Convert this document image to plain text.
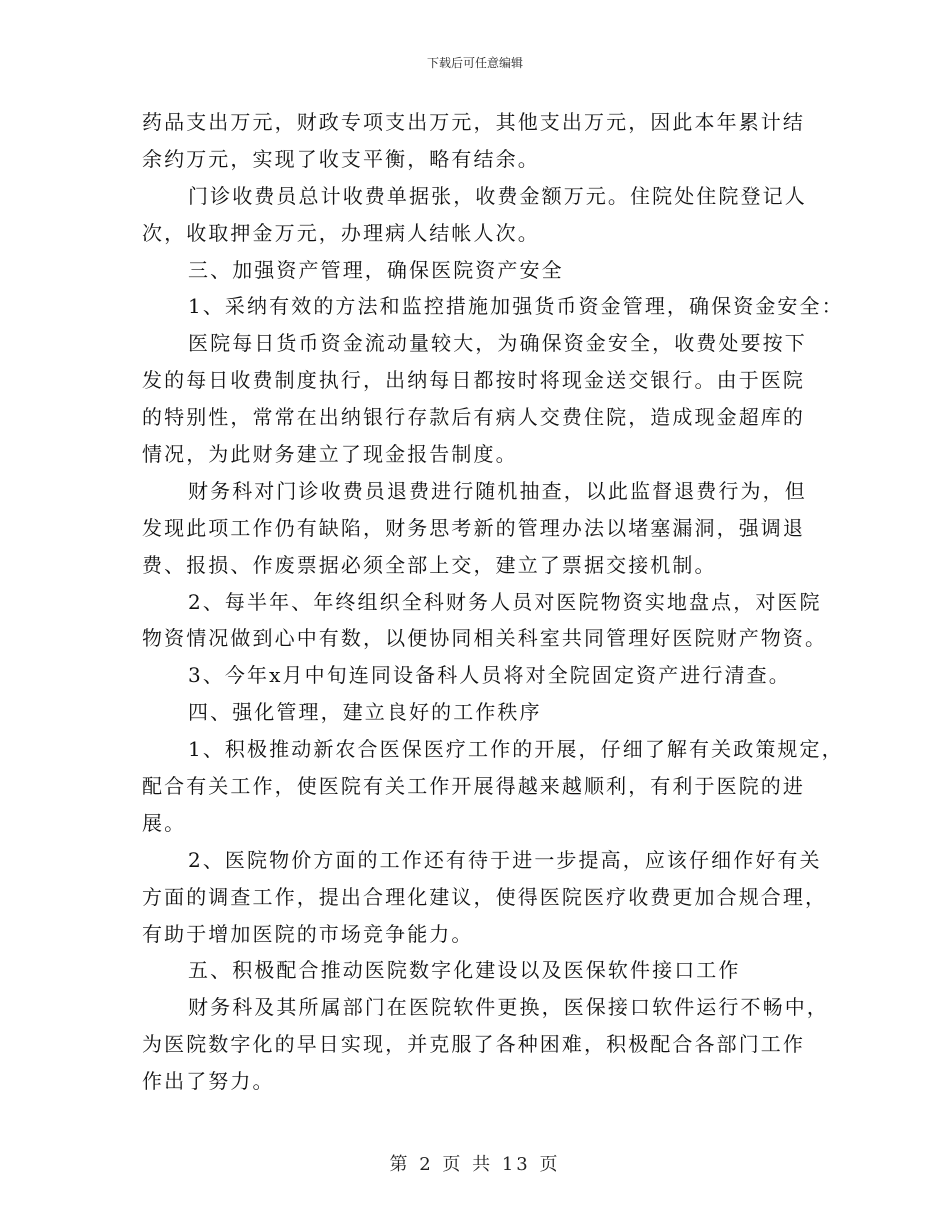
下载后可任意编辑
药品支出万元，财政专项支出万元，其他支出万元，因此本年累计结
余约万元，实现了收支平衡，略有结余。
门诊收费员总计收费单据张，收费金额万元。住院处住院登记人
次，收取押金万元，办理病人结帐人次。
三、加强资产管理，确保医院资产安全
1、采纳有效的方法和监控措施加强货币资金管理，确保资金安全：
医院每日货币资金流动量较大，为确保资金安全，收费处要按下
发的每日收费制度执行，出纳每日都按时将现金送交银行。由于医院
的特别性，常常在出纳银行存款后有病人交费住院，造成现金超库的
情况，为此财务建立了现金报告制度。
财务科对门诊收费员退费进行随机抽查，以此监督退费行为，但
发现此项工作仍有缺陷，财务思考新的管理办法以堵塞漏洞，强调退
费、报损、作废票据必须全部上交，建立了票据交接机制。
2、每半年、年终组织全科财务人员对医院物资实地盘点，对医院
物资情况做到心中有数，以便协同相关科室共同管理好医院财产物资。
3、今年x月中旬连同设备科人员将对全院固定资产进行清查。
四、强化管理，建立良好的工作秩序
1、积极推动新农合医保医疗工作的开展，仔细了解有关政策规定，
配合有关工作，使医院有关工作开展得越来越顺利，有利于医院的进
展。
2、医院物价方面的工作还有待于进一步提高，应该仔细作好有关
方面的调查工作，提出合理化建议，使得医院医疗收费更加合规合理，
有助于增加医院的市场竞争能力。
五、积极配合推动医院数字化建设以及医保软件接口工作
财务科及其所属部门在医院软件更换，医保接口软件运行不畅中，
为医院数字化的早日实现，并克服了各种困难，积极配合各部门工作
作出了努力。
第 2 页 共 13 页
